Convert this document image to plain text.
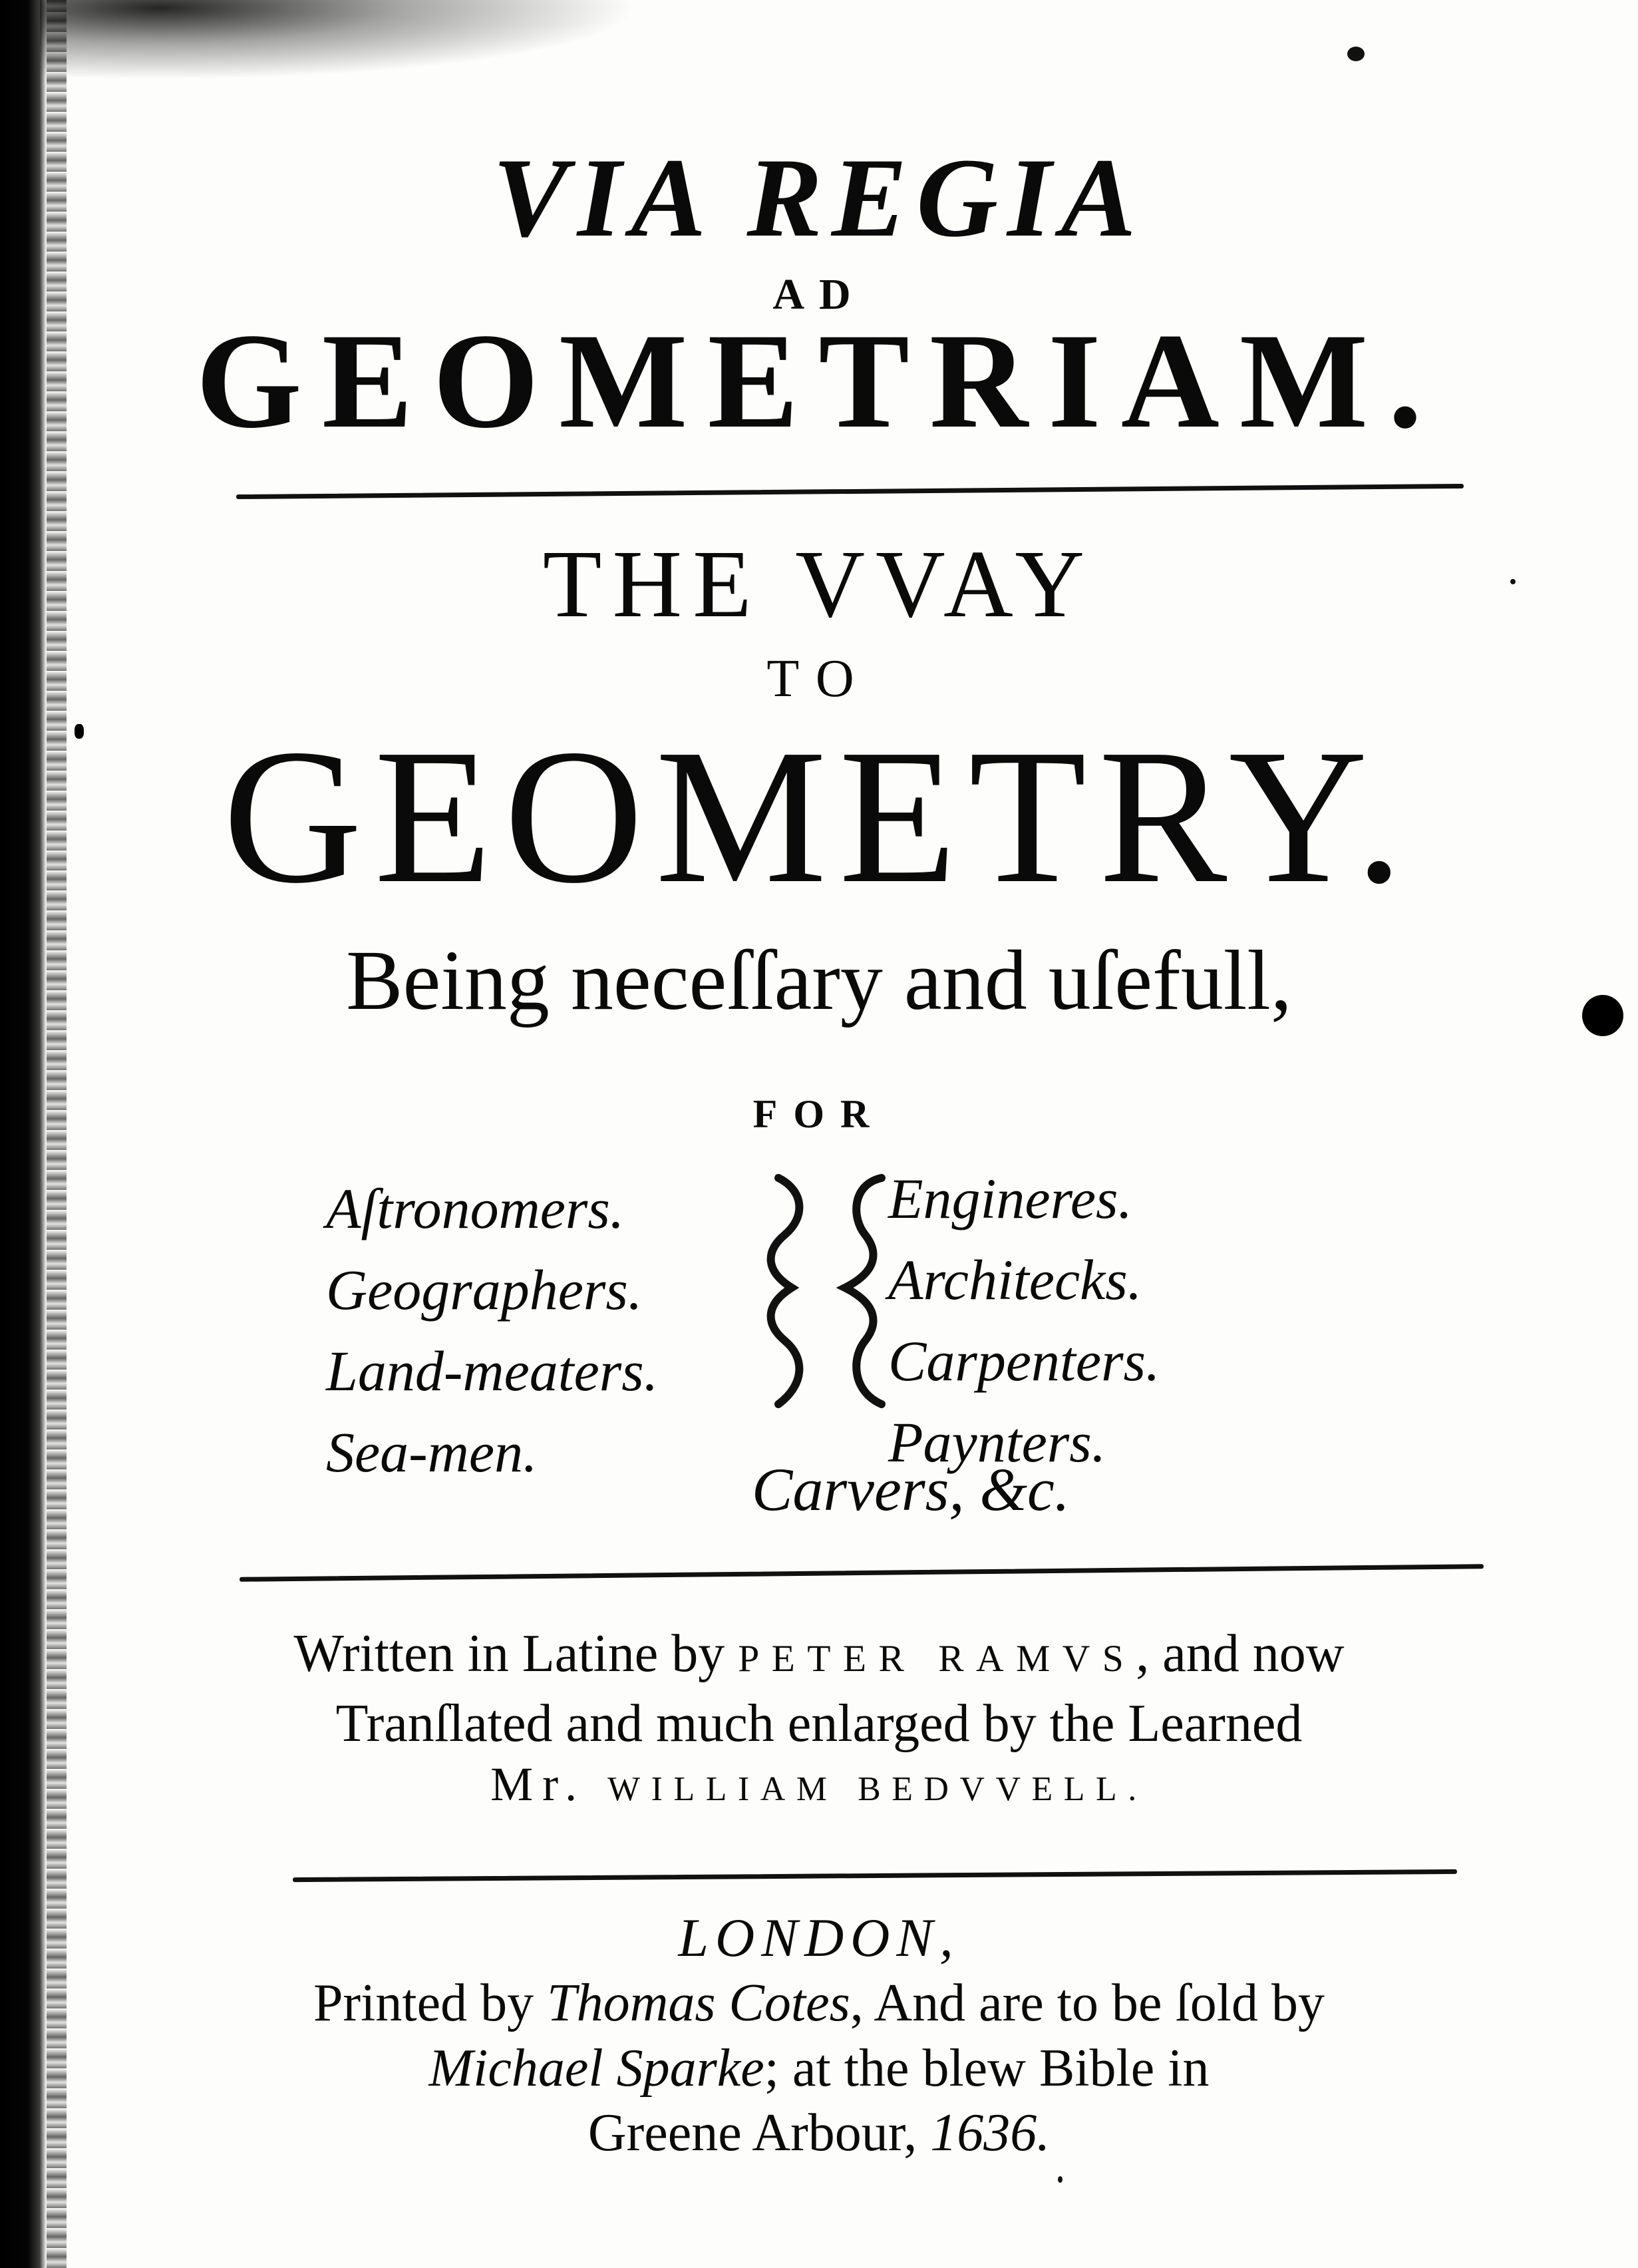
VIA REGIA
AD
GEOMETRIAM.
THE VVAY
TO
GEOMETRY.
Being neceſſary and uſefull,
FOR
Aſtronomers.
Geographers.
Land-meaters.
Sea-men.
Engineres.
Architecks.
Carpenters.
Paynters.
Carvers, &c.
Written in Latine by PETER RAMVS, and now
Tranſlated and much enlarged by the Learned
Mr. WILLIAM BEDVVELL.
LONDON,
Printed by Thomas Cotes, And are to be ſold by
Michael Sparke; at the blew Bible in
Greene Arbour, 1636.
